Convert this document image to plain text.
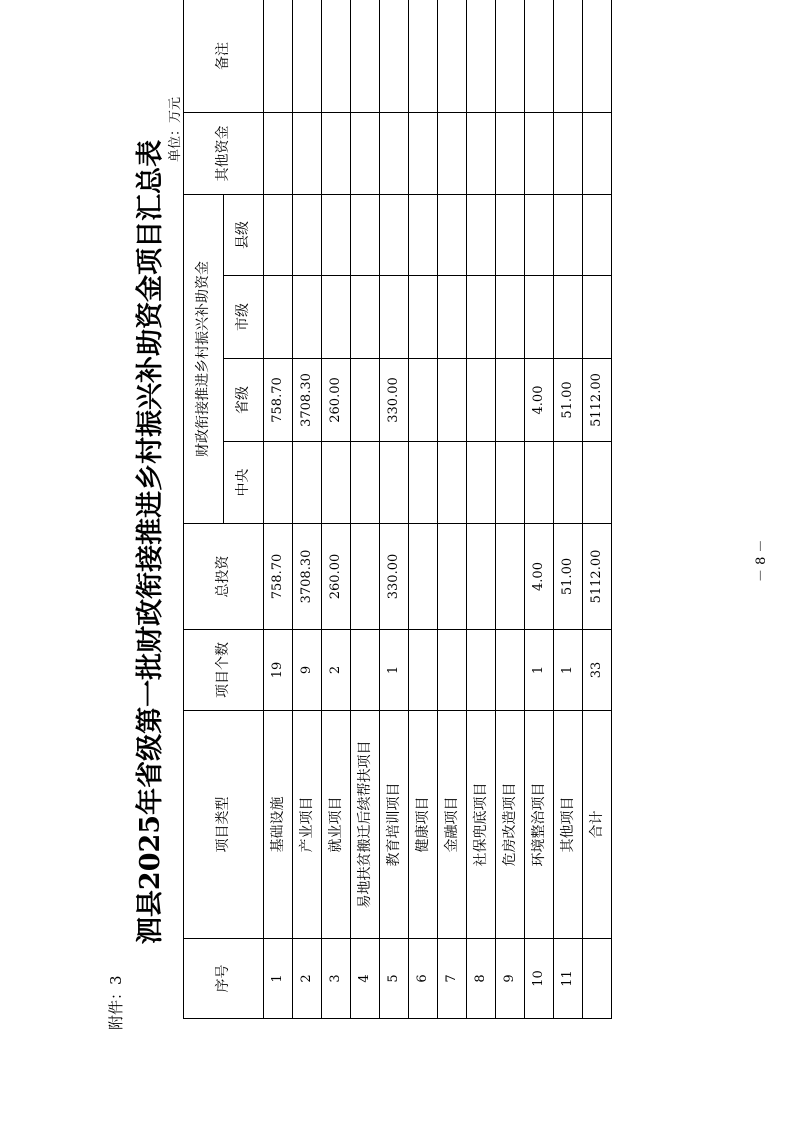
附件：3
泗县2025年省级第一批财政衔接推进乡村振兴补助资金项目汇总表
单位：万元
序号	项目类型	项目个数	总投资	财政衔接推进乡村振兴补助资金				其他资金	备注
				中央	省级	市级	县级		
1	基础设施	19	758.70		758.70				
2	产业项目	9	3708.30		3708.30				
3	就业项目	2	260.00		260.00				
4	易地扶贫搬迁后续帮扶项目								
5	教育培训项目	1	330.00		330.00				
6	健康项目								
7	金融项目								
8	社保兜底项目								
9	危房改造项目								
10	环境整治项目	1	4.00		4.00				
11	其他项目	1	51.00		51.00				
	合计	33	5112.00		5112.00				
－ 8 －
